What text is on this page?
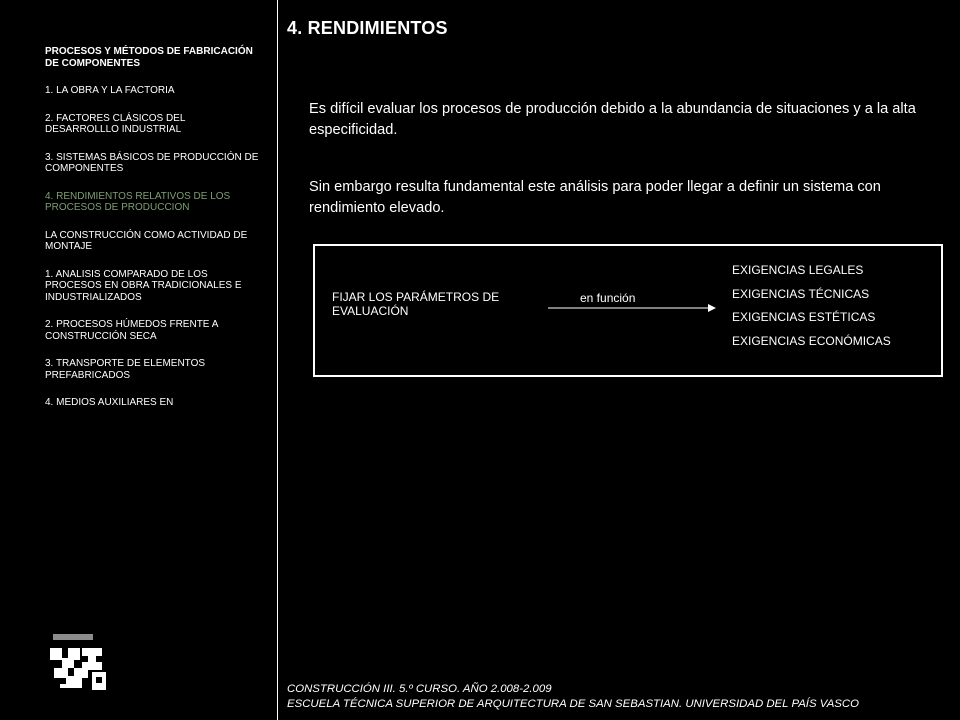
PROCESOS Y MÉTODOS DE FABRICACIÓN DE COMPONENTES
1. LA OBRA Y LA FACTORIA
2. FACTORES CLÁSICOS DEL DESARROLLLO INDUSTRIAL
3. SISTEMAS BÁSICOS DE PRODUCCIÓN DE COMPONENTES
4. RENDIMIENTOS RELATIVOS DE LOS PROCESOS DE PRODUCCION
LA CONSTRUCCIÓN COMO ACTIVIDAD DE MONTAJE
1. ANALISIS COMPARADO DE LOS PROCESOS EN OBRA TRADICIONALES E INDUSTRIALIZADOS
2. PROCESOS HÚMEDOS FRENTE A CONSTRUCCIÓN SECA
3. TRANSPORTE DE ELEMENTOS PREFABRICADOS
4. MEDIOS AUXILIARES EN
4. RENDIMIENTOS
Es difícil evaluar los procesos de producción debido a la abundancia de situaciones y a la alta especificidad.
Sin embargo resulta fundamental este análisis para poder llegar a definir un sistema con rendimiento elevado.
FIJAR LOS PARÁMETROS DE
EVALUACIÓN
en función
EXIGENCIAS LEGALES
EXIGENCIAS TÉCNICAS
EXIGENCIAS ESTÉTICAS
EXIGENCIAS ECONÓMICAS
CONSTRUCCIÓN III. 5.º CURSO. AÑO 2.008-2.009
ESCUELA TÉCNICA SUPERIOR DE ARQUITECTURA DE SAN SEBASTIAN. UNIVERSIDAD DEL PAÍS VASCO
